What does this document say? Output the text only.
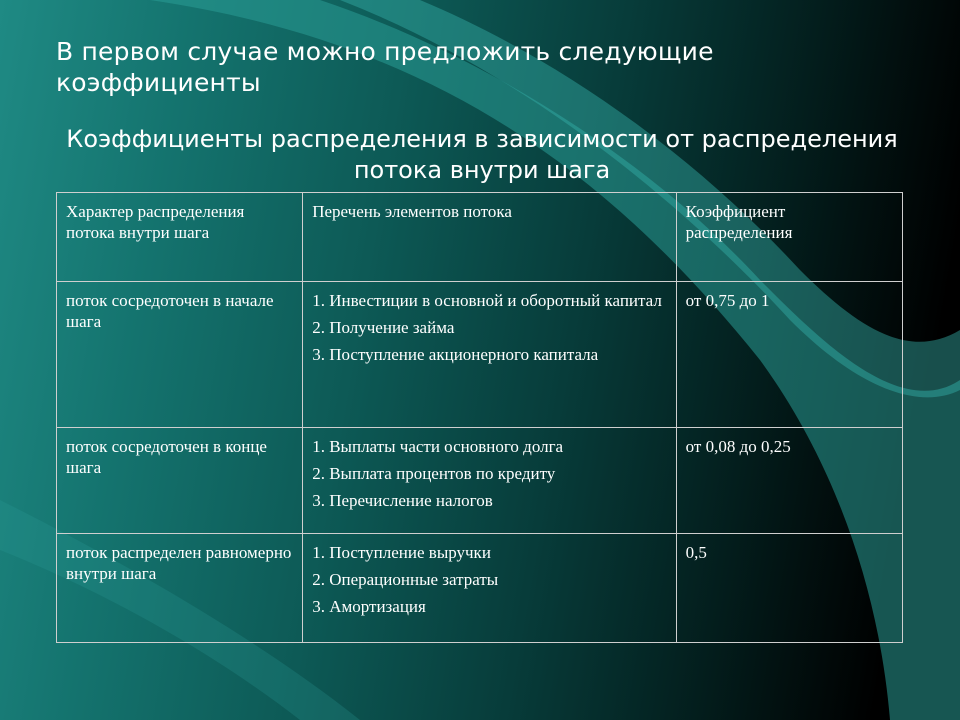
В первом случае можно предложить следующие коэффициенты
Коэффициенты распределения в зависимости от распределения потока внутри шага
Характер распределения потока внутри шага	Перечень элементов потока	Коэффициент распределения
поток сосредоточен в начале шага	1. Инвестиции в основной и оборотный капитал
2. Получение займа
3. Поступление акционерного капитала	от 0,75 до 1
поток сосредоточен в конце шага	1. Выплаты части основного долга
2. Выплата процентов по кредиту
3. Перечисление налогов	от 0,08 до 0,25
поток распределен равномерно внутри шага	1. Поступление выручки
2. Операционные затраты
3. Амортизация	0,5
